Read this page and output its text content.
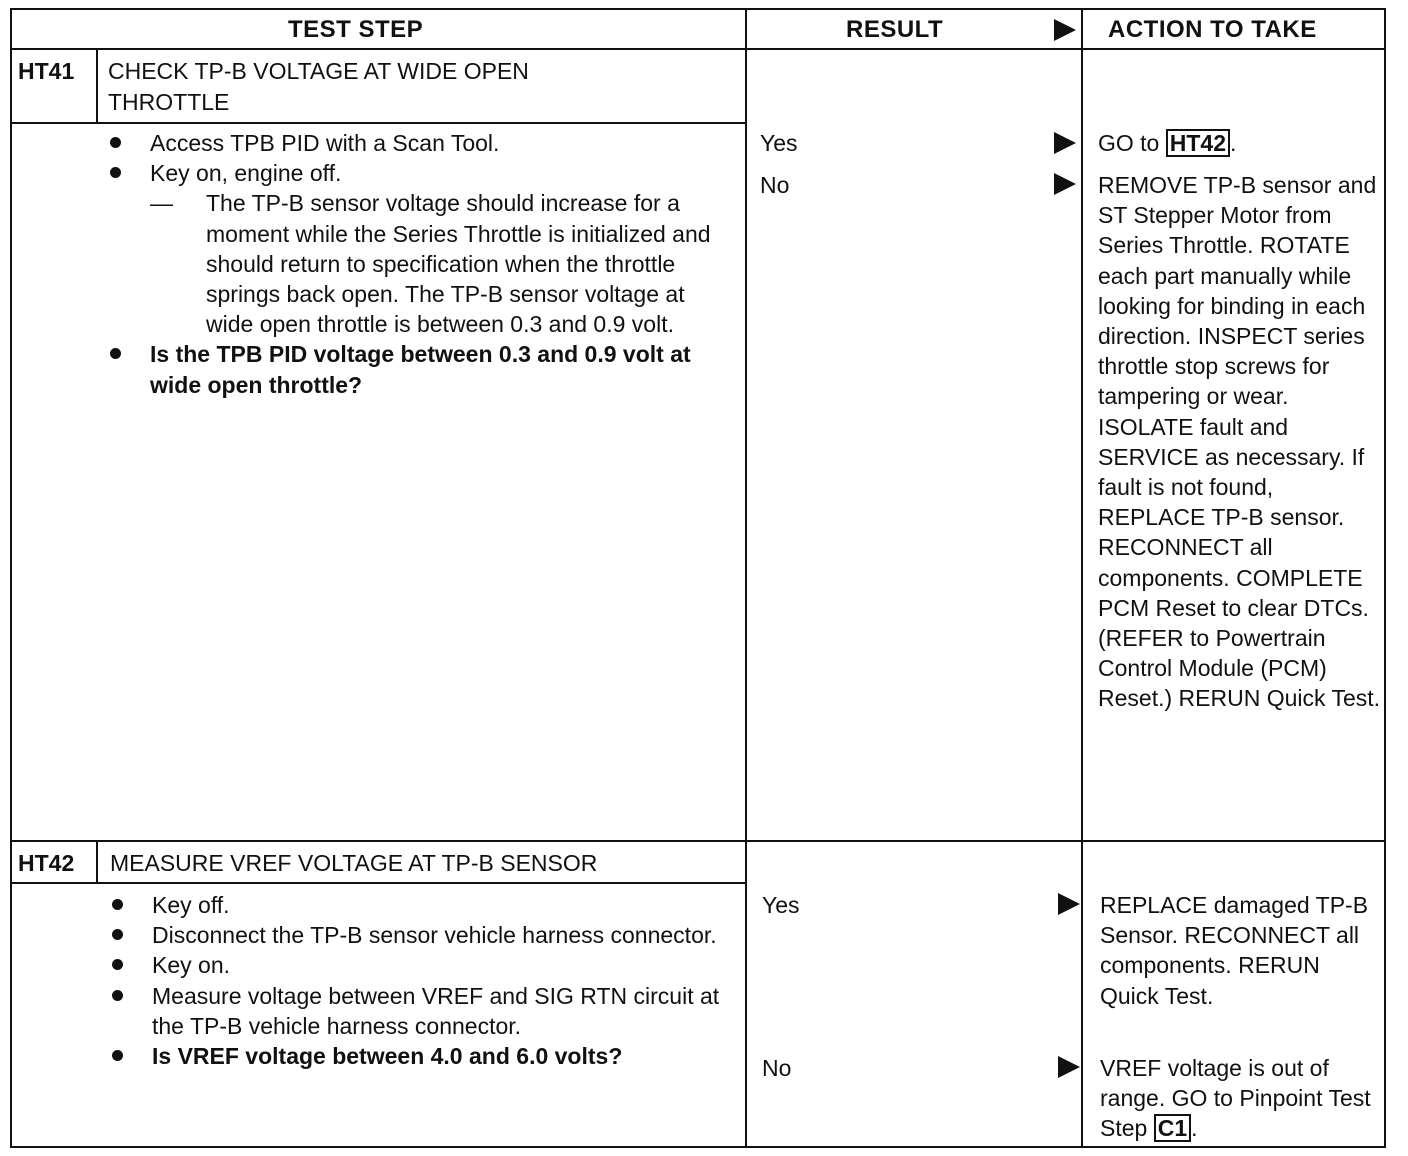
TEST STEP	RESULT	ACTION TO TAKE
HT41 CHECK TP-B VOLTAGE AT WIDE OPEN THROTTLE
Access TPB PID with a Scan Tool.
Key on, engine off.
— The TP-B sensor voltage should increase for a moment while the Series Throttle is initialized and should return to specification when the throttle springs back open. The TP-B sensor voltage at wide open throttle is between 0.3 and 0.9 volt.
Is the TPB PID voltage between 0.3 and 0.9 volt at wide open throttle?
Yes	GO to HT42 .
No	REMOVE TP-B sensor and ST Stepper Motor from Series Throttle. ROTATE each part manually while looking for binding in each direction. INSPECT series throttle stop screws for tampering or wear. ISOLATE fault and SERVICE as necessary. If fault is not found, REPLACE TP-B sensor. RECONNECT all components. COMPLETE PCM Reset to clear DTCs. (REFER to Powertrain Control Module (PCM) Reset.) RERUN Quick Test.
HT42 MEASURE VREF VOLTAGE AT TP-B SENSOR
Key off.
Disconnect the TP-B sensor vehicle harness connector.
Key on.
Measure voltage between VREF and SIG RTN circuit at the TP-B vehicle harness connector.
Is VREF voltage between 4.0 and 6.0 volts?
Yes	REPLACE damaged TP-B Sensor. RECONNECT all components. RERUN Quick Test.
No	VREF voltage is out of range. GO to Pinpoint Test Step C1 .
